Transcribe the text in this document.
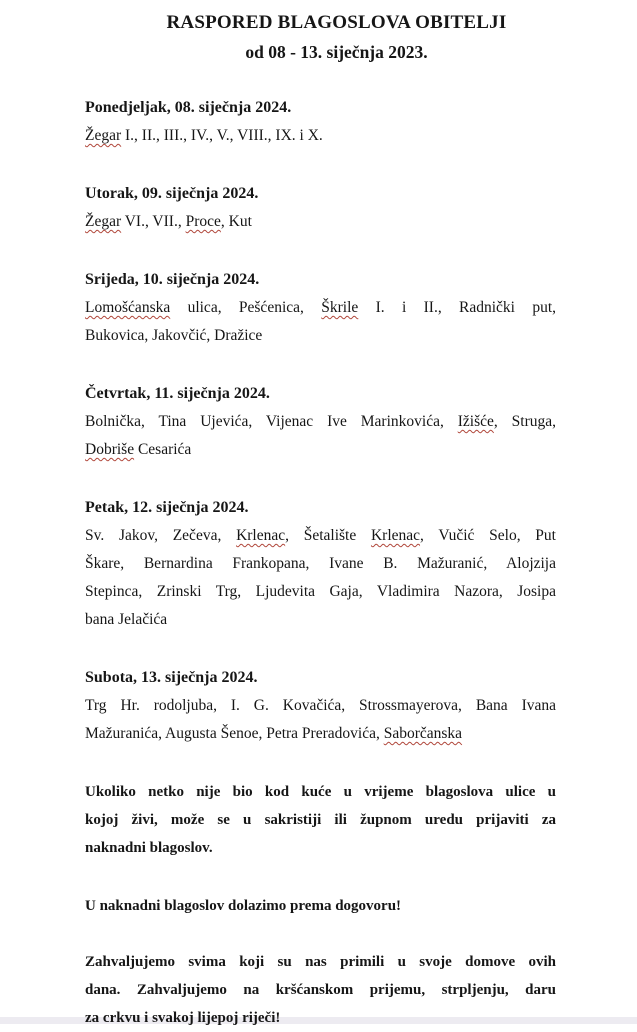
RASPORED BLAGOSLOVA OBITELJI
od 08 - 13. siječnja 2023.
Ponedjeljak, 08. siječnja 2024.
Žegar I., II., III., IV., V., VIII., IX. i X.
Utorak, 09. siječnja 2024.
Žegar VI., VII., Proce, Kut
Srijeda, 10. siječnja 2024.
Lomošćanska ulica, Pešćenica, Škrile I. i II., Radnički put,
Bukovica, Jakovčić, Dražice
Četvrtak, 11. siječnja 2024.
Bolnička, Tina Ujevića, Vijenac Ive Marinkovića, Ižišće, Struga,
Dobriše Cesarića
Petak, 12. siječnja 2024.
Sv. Jakov, Zečeva, Krlenac, Šetalište Krlenac, Vučić Selo, Put
Škare, Bernardina Frankopana, Ivane B. Mažuranić, Alojzija
Stepinca, Zrinski Trg, Ljudevita Gaja, Vladimira Nazora, Josipa
bana Jelačića
Subota, 13. siječnja 2024.
Trg Hr. rodoljuba, I. G. Kovačića, Strossmayerova, Bana Ivana
Mažuranića, Augusta Šenoe, Petra Preradovića, Saborčanska
Ukoliko netko nije bio kod kuće u vrijeme blagoslova ulice u
kojoj živi, može se u sakristiji ili župnom uredu prijaviti za
naknadni blagoslov.
U naknadni blagoslov dolazimo prema dogovoru!
Zahvaljujemo svima koji su nas primili u svoje domove ovih
dana. Zahvaljujemo na kršćanskom prijemu, strpljenju, daru
za crkvu i svakoj lijepoj riječi!
